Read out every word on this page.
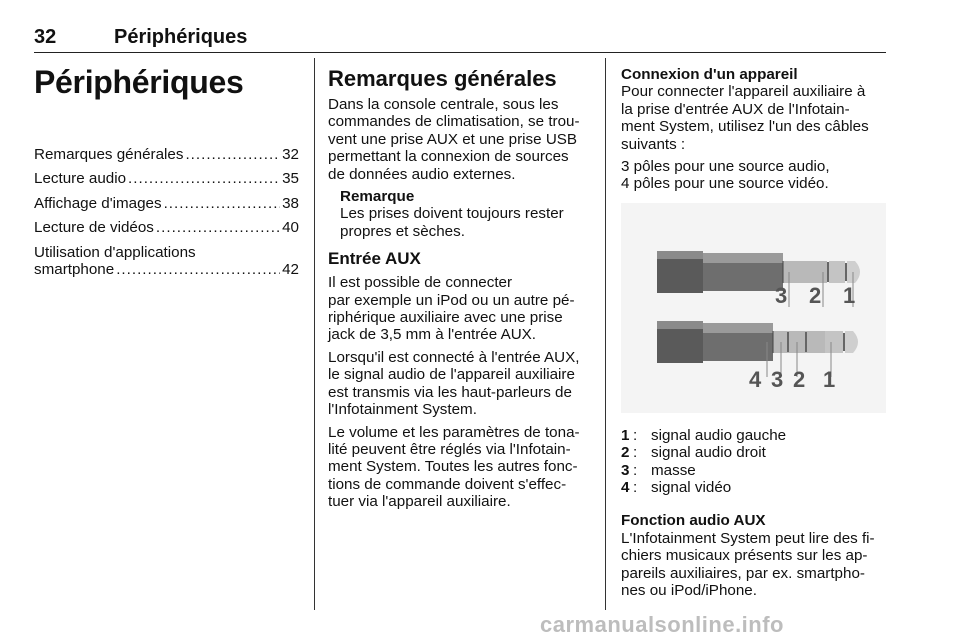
32	Périphériques
Périphériques
Remarques générales .....	32
Lecture audio .....	35
Affichage d'images .....	38
Lecture de vidéos .....	40
Utilisation d'applications
smartphone .....	42
Remarques générales
Dans la console centrale, sous les
commandes de climatisation, se trou-
vent une prise AUX et une prise USB
permettant la connexion de sources
de données audio externes.
Remarque
Les prises doivent toujours rester
propres et sèches.
Entrée AUX
Il est possible de connecter
par exemple un iPod ou un autre pé-
riphérique auxiliaire avec une prise
jack de 3,5 mm à l'entrée AUX.
Lorsqu'il est connecté à l'entrée AUX,
le signal audio de l'appareil auxiliaire
est transmis via les haut-parleurs de
l'Infotainment System.
Le volume et les paramètres de tona-
lité peuvent être réglés via l'Infotain-
ment System. Toutes les autres fonc-
tions de commande doivent s'effec-
tuer via l'appareil auxiliaire.
Connexion d'un appareil
Pour connecter l'appareil auxiliaire à
la prise d'entrée AUX de l'Infotain-
ment System, utilisez l'un des câbles
suivants :
3 pôles pour une source audio,
4 pôles pour une source vidéo.
3 2 1
4 3 2 1
1 : signal audio gauche
2 : signal audio droit
3 : masse
4 : signal vidéo
Fonction audio AUX
L'Infotainment System peut lire des fi-
chiers musicaux présents sur les ap-
pareils auxiliaires, par ex. smartpho-
nes ou iPod/iPhone.
carmanualsonline.info
